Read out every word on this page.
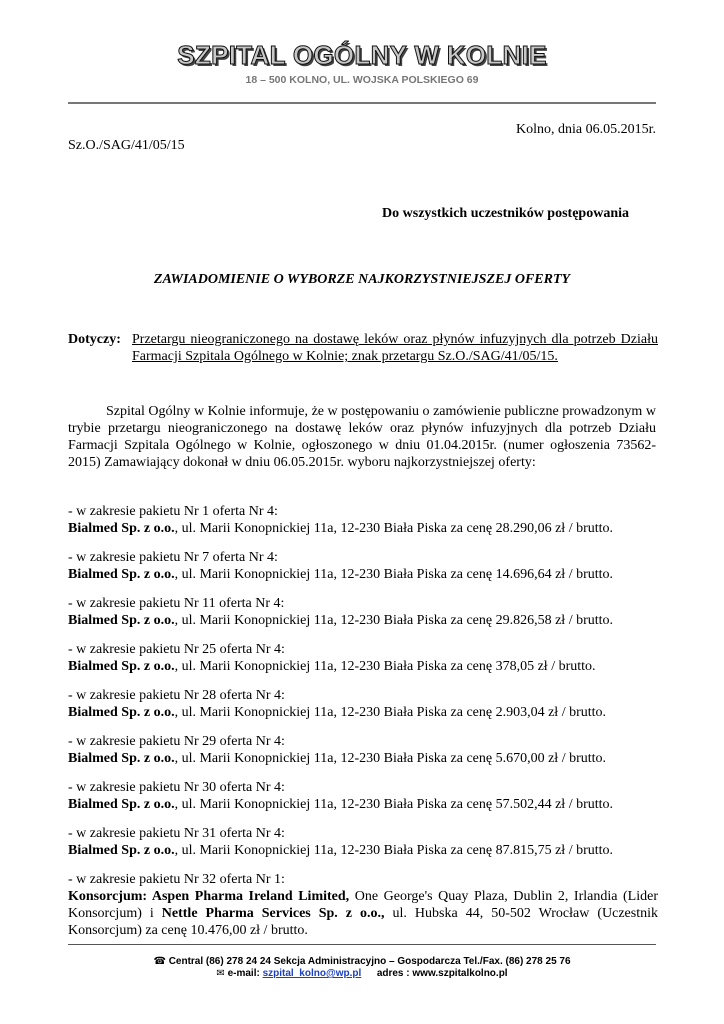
SZPITAL OGÓLNY W KOLNIE
18 – 500 KOLNO, UL. WOJSKA POLSKIEGO 69
Kolno, dnia 06.05.2015r.
Sz.O./SAG/41/05/15
Do wszystkich uczestników postępowania
ZAWIADOMIENIE O WYBORZE NAJKORZYSTNIEJSZEJ OFERTY
Dotyczy: Przetargu nieograniczonego na dostawę leków oraz płynów infuzyjnych dla potrzeb Działu Farmacji Szpitala Ogólnego w Kolnie; znak przetargu Sz.O./SAG/41/05/15.
Szpital Ogólny w Kolnie informuje, że w postępowaniu o zamówienie publiczne prowadzonym w trybie przetargu nieograniczonego na dostawę leków oraz płynów infuzyjnych dla potrzeb Działu Farmacji Szpitala Ogólnego w Kolnie, ogłoszonego w dniu 01.04.2015r. (numer ogłoszenia 73562-2015) Zamawiający dokonał w dniu 06.05.2015r. wyboru najkorzystniejszej oferty:
- w zakresie pakietu Nr 1 oferta Nr 4:
Bialmed Sp. z o.o., ul. Marii Konopnickiej 11a, 12-230 Biała Piska za cenę 28.290,06 zł / brutto.
- w zakresie pakietu Nr 7 oferta Nr 4:
Bialmed Sp. z o.o., ul. Marii Konopnickiej 11a, 12-230 Biała Piska za cenę 14.696,64 zł / brutto.
- w zakresie pakietu Nr 11 oferta Nr 4:
Bialmed Sp. z o.o., ul. Marii Konopnickiej 11a, 12-230 Biała Piska za cenę 29.826,58 zł / brutto.
- w zakresie pakietu Nr 25 oferta Nr 4:
Bialmed Sp. z o.o., ul. Marii Konopnickiej 11a, 12-230 Biała Piska za cenę 378,05 zł / brutto.
- w zakresie pakietu Nr 28 oferta Nr 4:
Bialmed Sp. z o.o., ul. Marii Konopnickiej 11a, 12-230 Biała Piska za cenę 2.903,04 zł / brutto.
- w zakresie pakietu Nr 29 oferta Nr 4:
Bialmed Sp. z o.o., ul. Marii Konopnickiej 11a, 12-230 Biała Piska za cenę 5.670,00 zł / brutto.
- w zakresie pakietu Nr 30 oferta Nr 4:
Bialmed Sp. z o.o., ul. Marii Konopnickiej 11a, 12-230 Biała Piska za cenę 57.502,44 zł / brutto.
- w zakresie pakietu Nr 31 oferta Nr 4:
Bialmed Sp. z o.o., ul. Marii Konopnickiej 11a, 12-230 Biała Piska za cenę 87.815,75 zł / brutto.
- w zakresie pakietu Nr 32 oferta Nr 1:
Konsorcjum: Aspen Pharma Ireland Limited, One George's Quay Plaza, Dublin 2, Irlandia (Lider Konsorcjum) i Nettle Pharma Services Sp. z o.o., ul. Hubska 44, 50-502 Wrocław (Uczestnik Konsorcjum) za cenę 10.476,00 zł / brutto.
☎ Central (86) 278 24 24 Sekcja Administracyjno – Gospodarcza Tel./Fax. (86) 278 25 76
✉ e-mail: szpital_kolno@wp.pl adres : www.szpitalkolno.pl
